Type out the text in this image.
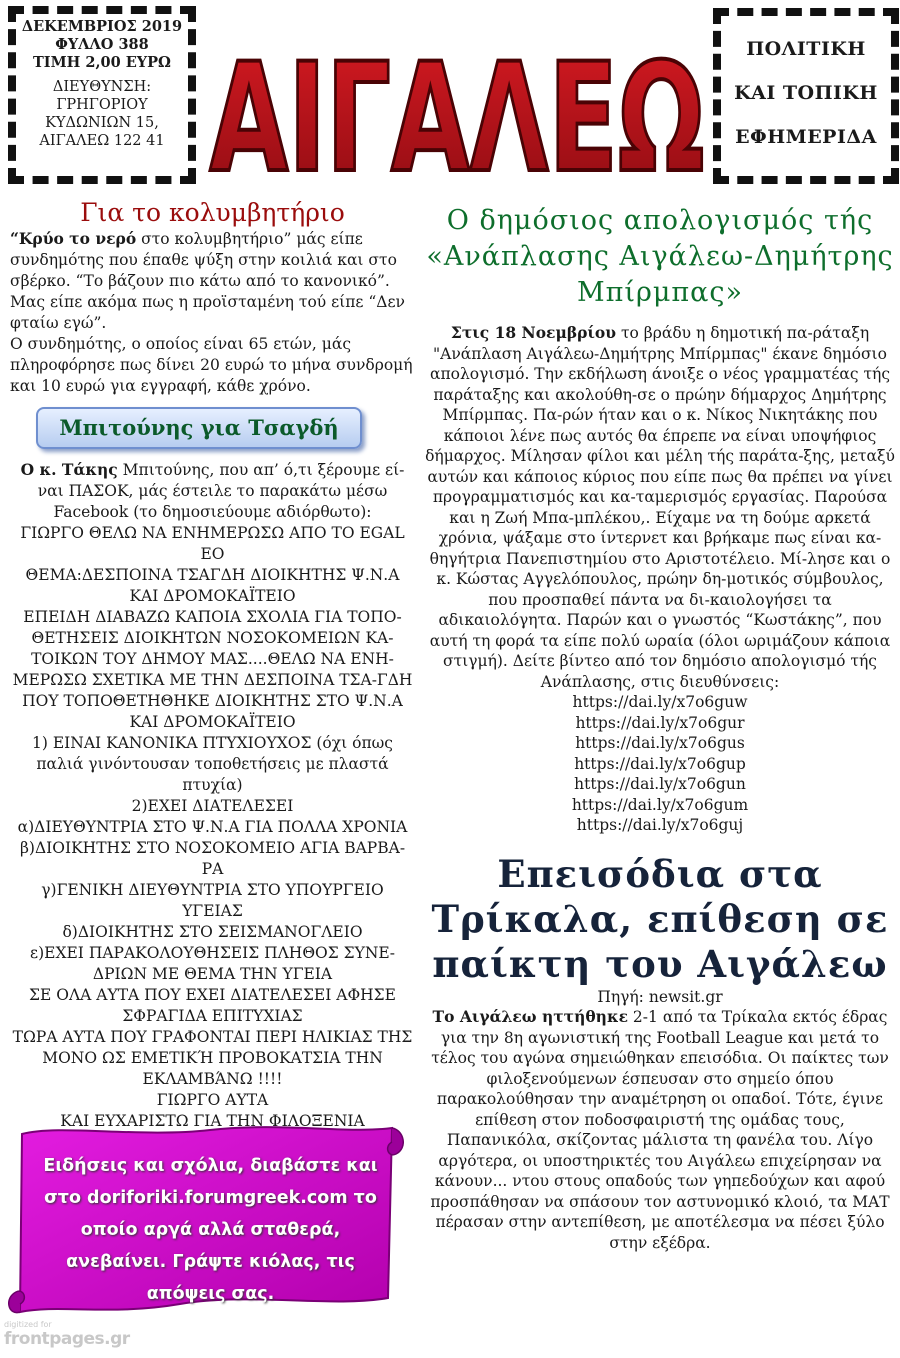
ΔΕΚΕΜΒΡΙΟΣ 2019
ΦΥΛΛΟ 388
ΤΙΜΗ 2,00 ΕΥΡΩ
ΔΙΕΥΘΥΝΣΗ:
ΓΡΗΓΟΡΙΟΥ
ΚΥΔΩΝΙΩΝ 15,
ΑΙΓΑΛΕΩ 122 41 ΑΙΓΑΛΕΩ	ΠΟΛΙΤΙΚΗ
ΚΑΙ ΤΟΠΙΚΗ
ΕΦΗΜΕΡΙΔΑ
Για το κολυμβητήριο

“Κρύο το νερό στο κολυμβητήριο” μάς είπε συνδημότης που έπαθε ψύξη στην κοιλιά και στο σβέρκο. “Το βάζουν πιο κάτω από το κανονικό”. Μας είπε ακόμα πως η προϊσταμένη τού είπε “Δεν φταίω εγώ”.

Ο συνδημότης, ο οποίος είναι 65 ετών, μάς πληροφόρησε πως δίνει 20 ευρώ το μήνα συνδρομή και 10 ευρώ για εγγραφή, κάθε χρόνο.

Μπιτούνης για Τσαγδή

Ο κ. Τάκης Μπιτούνης, που απ’ ό,τι ξέρουμε εί-ναι ΠΑΣΟΚ, μάς έστειλε το παρακάτω μέσω Facebook (το δημοσιεύουμε αδιόρθωτο):

ΓΙΩΡΓΟ ΘΕΛΩ ΝΑ ΕΝΗΜΕΡΩΣΩ ΑΠΟ ΤΟ EGAL ΕΟ
ΘΕΜΑ:ΔΕΣΠΟΙΝΑ ΤΣΑΓΔΗ ΔΙΟΙΚΗΤΗΣ Ψ.Ν.Α ΚΑΙ ΔΡΟΜΟΚΑΪΤΕΙΟ
ΕΠΕΙΔΗ ΔΙΑΒΑΖΩ ΚΑΠΟΙΑ ΣΧΟΛΙΑ ΓΙΑ ΤΟΠΟ-ΘΕΤΗΣΕΙΣ ΔΙΟΙΚΗΤΩΝ ΝΟΣΟΚΟΜΕΙΩΝ ΚΑ-ΤΟΙΚΩΝ ΤΟΥ ΔΗΜΟΥ ΜΑΣ....ΘΕΛΩ ΝΑ ΕΝΗ-ΜΕΡΩΣΩ ΣΧΕΤΙΚΑ ΜΕ ΤΗΝ ΔΕΣΠΟΙΝΑ ΤΣΑ-ΓΔΗ ΠΟΥ ΤΟΠΟΘΕΤΗΘΗΚΕ ΔΙΟΙΚΗΤΗΣ ΣΤΟ Ψ.Ν.Α ΚΑΙ ΔΡΟΜΟΚΑΪΤΕΙΟ
1) ΕΙΝΑΙ ΚΑΝΟΝΙΚΑ ΠΤΥΧΙΟΥΧΟΣ (όχι όπως παλιά γινόντουσαν τοποθετήσεις με πλαστά πτυχία)
2)ΕΧΕΙ ΔΙΑΤΕΛΕΣΕΙ
α)ΔΙΕΥΘΥΝΤΡΙΑ ΣΤΟ Ψ.Ν.Α ΓΙΑ ΠΟΛΛΑ ΧΡΟΝΙΑ
β)ΔΙΟΙΚΗΤΗΣ ΣΤΟ ΝΟΣΟΚΟΜΕΙΟ ΑΓΙΑ ΒΑΡΒΑ-ΡΑ
γ)ΓΕΝΙΚΗ ΔΙΕΥΘΥΝΤΡΙΑ ΣΤΟ ΥΠΟΥΡΓΕΙΟ ΥΓΕΙΑΣ
δ)ΔΙΟΙΚΗΤΗΣ ΣΤΟ ΣΕΙΣΜΑΝΟΓΛΕΙΟ
ε)ΕΧΕΙ ΠΑΡΑΚΟΛΟΥΘΗΣΕΙΣ ΠΛΗΘΟΣ ΣΥΝΕ-ΔΡΙΩΝ ΜΕ ΘΕΜΑ ΤΗΝ ΥΓΕΙΑ
ΣΕ ΟΛΑ ΑΥΤΑ ΠΟΥ ΕΧΕΙ ΔΙΑΤΕΛΕΣΕΙ ΑΦΗΣΕ ΣΦΡΑΓΙΔΑ ΕΠΙΤΥΧΙΑΣ
ΤΩΡΑ ΑΥΤΑ ΠΟΥ ΓΡΑΦΟΝΤΑΙ ΠΕΡΙ ΗΛΙΚΙΑΣ ΤΗΣ ΜΟΝΟ ΩΣ ΕΜΕΤΙΚΉ ΠΡΟΒΟΚΑΤΣΙΑ ΤΗΝ ΕΚΛΑΜΒΆΝΩ !!!!
ΓΙΩΡΓΟ ΑΥΤΑ
ΚΑΙ ΕΥΧΑΡΙΣΤΩ ΓΙΑ ΤΗΝ ΦΙΛΟΞΕΝΙΑ
Ειδήσεις και σχόλια, διαβάστε και στο doriforiki.forumgreek.com το οποίο αργά αλλά σταθερά, ανεβαίνει. Γράψτε κιόλας, τις απόψεις σας.
digitized for
frontpages.gr
Ο δημόσιος απολογισμός τής «Ανάπλασης Αιγάλεω-Δημήτρης Μπίρμπας»

Στις 18 Νοεμβρίου το βράδυ η δημοτική πα-ράταξη "Ανάπλαση Αιγάλεω-Δημήτρης Μπίρμπας" έκανε δημόσιο απολογισμό. Την εκδήλωση άνοιξε ο νέος γραμματέας τής παράταξης και ακολούθη-σε ο πρώην δήμαρχος Δημήτρης Μπίρμπας. Πα-ρών ήταν και ο κ. Νίκος Νικητάκης που κάποιοι λένε πως αυτός θα έπρεπε να είναι υποψήφιος δήμαρχος. Μίλησαν φίλοι και μέλη τής παράτα-ξης, μεταξύ αυτών και κάποιος κύριος που είπε πως θα πρέπει να γίνει προγραμματισμός και κα-ταμερισμός εργασίας. Παρούσα και η Ζωή Μπα-μπλέκου,. Είχαμε να τη δούμε αρκετά χρόνια, ψάξαμε στο ίντερνετ και βρήκαμε πως είναι κα-θηγήτρια Πανεπιστημίου στο Αριστοτέλειο. Μί-λησε και ο κ. Κώστας Αγγελόπουλος, πρώην δη-μοτικός σύμβουλος, που προσπαθεί πάντα να δι-καιολογήσει τα αδικαιολόγητα. Παρών και ο γνωστός “Κωστάκης”, που αυτή τη φορά τα είπε πολύ ωραία (όλοι ωριμάζουν κάποια στιγμή). Δείτε βίντεο από τον δημόσιο απολογισμό τής Ανάπλασης, στις διευθύνσεις:

https://dai.ly/x7o6guw
https://dai.ly/x7o6gur
https://dai.ly/x7o6gus
https://dai.ly/x7o6gup
https://dai.ly/x7o6gun
https://dai.ly/x7o6gum
https://dai.ly/x7o6guj
Επεισόδια στα Τρίκαλα, επίθεση σε παίκτη του Αιγάλεω
Πηγή: newsit.gr

Το Αιγάλεω ηττήθηκε 2-1 από τα Τρίκαλα εκτός έδρας για την 8η αγωνιστική της Football League και μετά το τέλος του αγώνα σημειώθηκαν επεισόδια. Οι παίκτες των φιλοξενούμενων έσπευσαν στο σημείο όπου παρακολούθησαν την αναμέτρηση οι οπαδοί. Τότε, έγινε επίθεση στον ποδοσφαιριστή της ομάδας τους, Παπανικόλα, σκίζοντας μάλιστα τη φανέλα του. Λίγο αργότερα, οι υποστηρικτές του Αιγάλεω επιχείρησαν να κάνουν... ντου στους οπαδούς των γηπεδούχων και αφού προσπάθησαν να σπάσουν τον αστυνομικό κλοιό, τα ΜΑΤ πέρασαν στην αντεπίθεση, με αποτέλεσμα να πέσει ξύλο στην εξέδρα.
